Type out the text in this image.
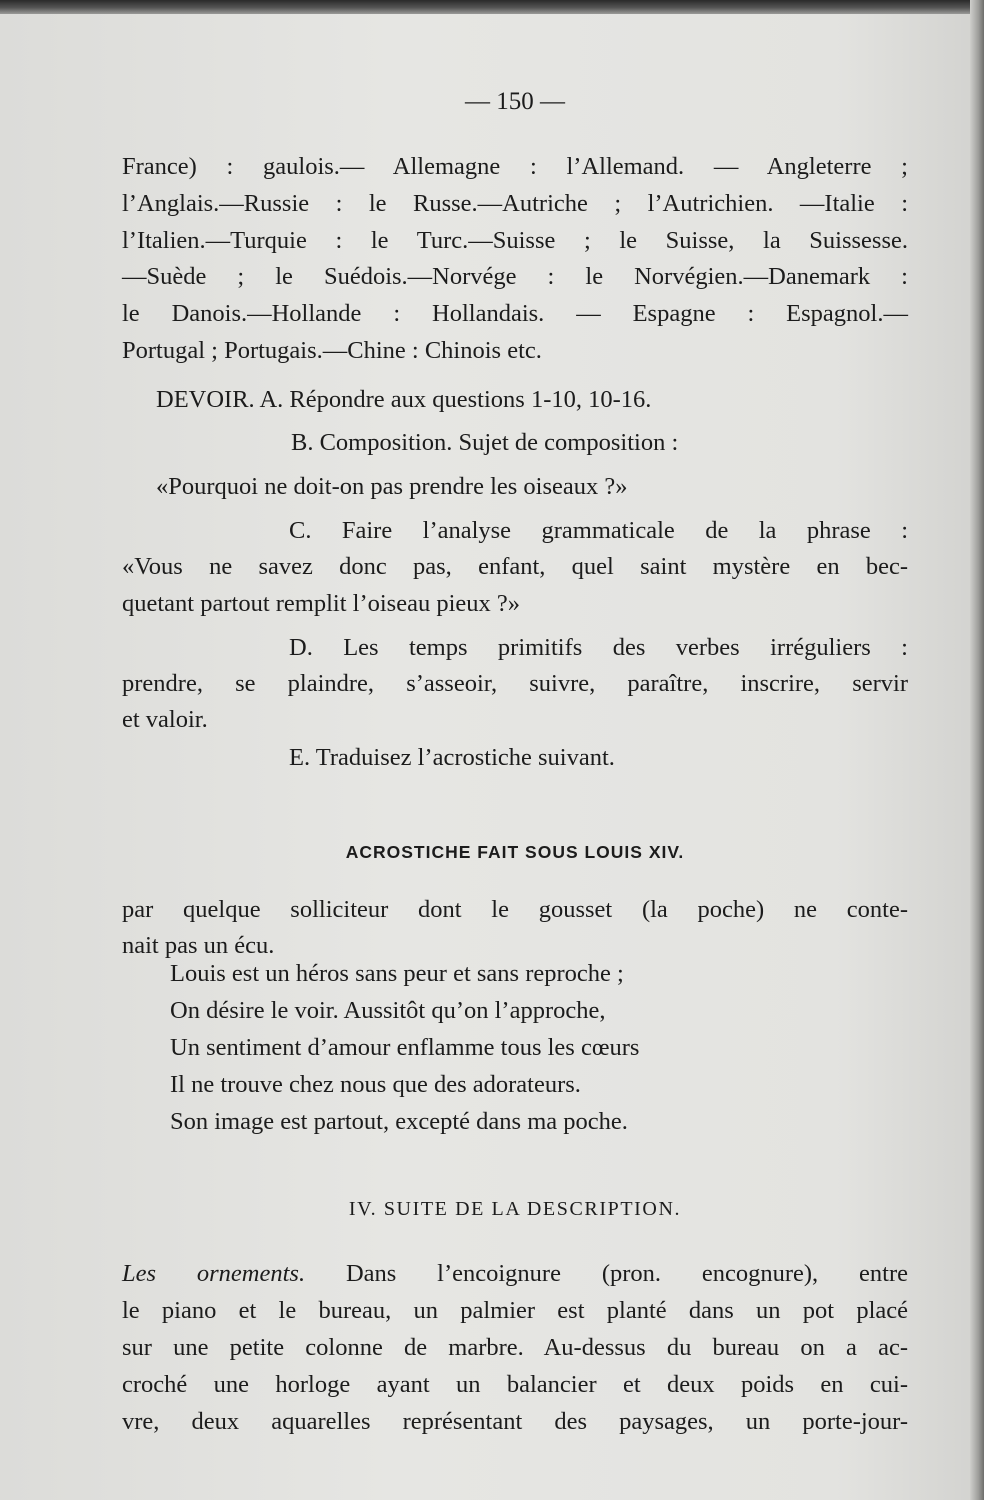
— 150 —
France) : gaulois.— Allemagne : l’Allemand. — Angleterre ;
l’Anglais.—Russie : le Russe.—Autriche ; l’Autrichien. —Italie :
l’Italien.—Turquie : le Turc.—Suisse ; le Suisse, la Suissesse.
—Suède ; le Suédois.—Norvége : le Norvégien.—Danemark :
le Danois.—Hollande : Hollandais. — Espagne : Espagnol.—
Portugal ; Portugais.—Chine : Chinois etc.
DEVOIR. A. Répondre aux questions 1-10, 10-16.
B. Composition. Sujet de composition :
«Pourquoi ne doit-on pas prendre les oiseaux ?»
C. Faire l’analyse grammaticale de la phrase :
«Vous ne savez donc pas, enfant, quel saint mystère en bec-
quetant partout remplit l’oiseau pieux ?»
D. Les temps primitifs des verbes irréguliers :
prendre, se plaindre, s’asseoir, suivre, paraître, inscrire, servir
et valoir.
E. Traduisez l’acrostiche suivant.
ACROSTICHE FAIT SOUS LOUIS XIV.
par quelque solliciteur dont le gousset (la poche) ne conte-
nait pas un écu.
Louis est un héros sans peur et sans reproche ;
On désire le voir. Aussitôt qu’on l’approche,
Un sentiment d’amour enflamme tous les cœurs
Il ne trouve chez nous que des adorateurs.
Son image est partout, excepté dans ma poche.
IV. SUITE DE LA DESCRIPTION.
Les ornements. Dans l’encoignure (pron. encognure), entre
le piano et le bureau, un palmier est planté dans un pot placé
sur une petite colonne de marbre. Au-dessus du bureau on a ac-
croché une horloge ayant un balancier et deux poids en cui-
vre, deux aquarelles représentant des paysages, un porte-jour-
